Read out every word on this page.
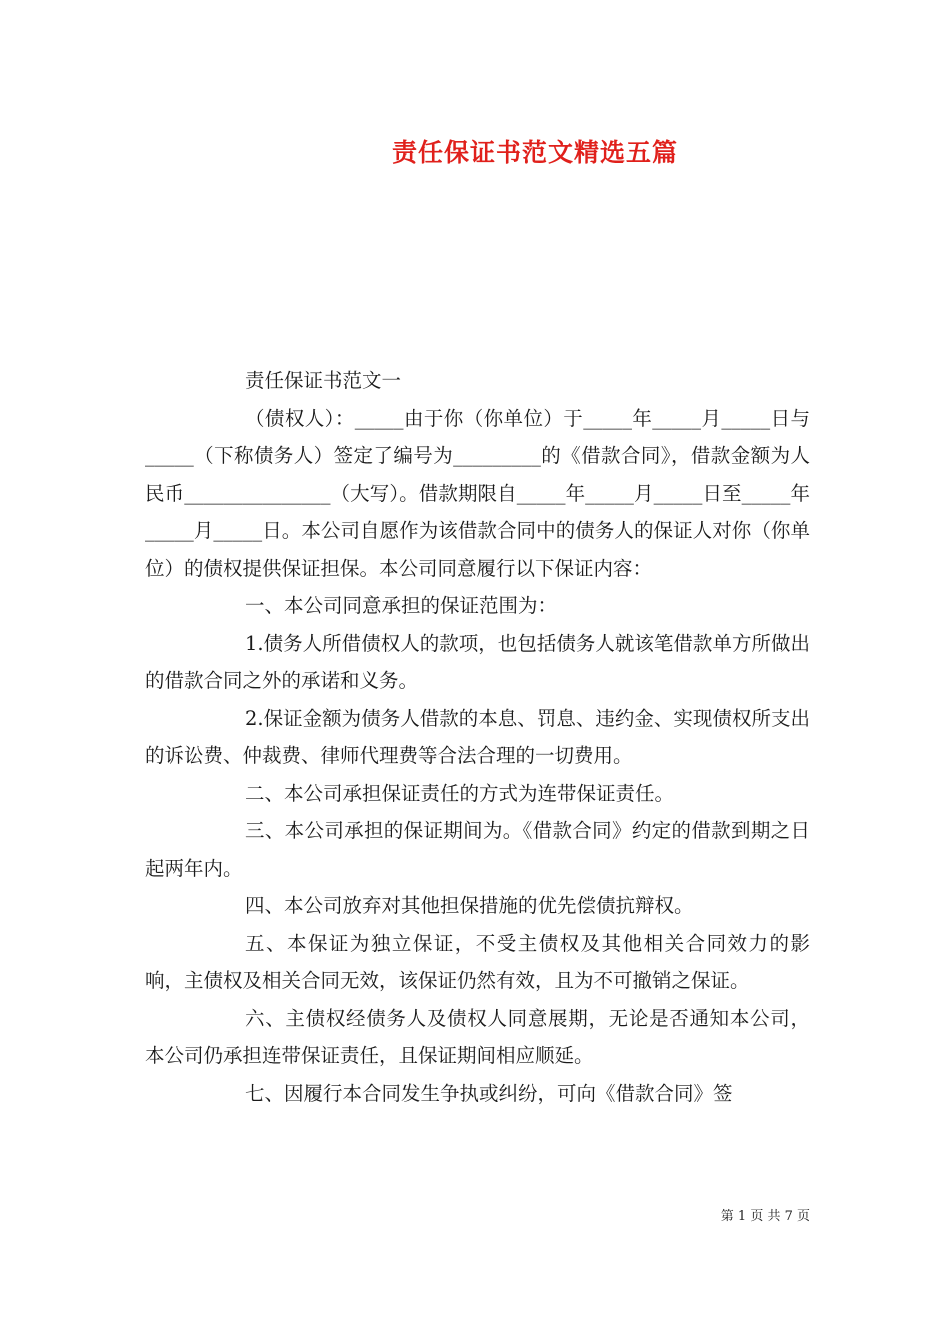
责任保证书范文精选五篇

责任保证书范文一

（债权人）：_____由于你（你单位）于_____年_____月_____日与_____（下称债务人）签定了编号为_________的《借款合同》，借款金额为人民币_______________（大写）。借款期限自_____年_____月_____日至_____年_____月_____日。本公司自愿作为该借款合同中的债务人的保证人对你（你单位）的债权提供保证担保。本公司同意履行以下保证内容：

一、本公司同意承担的保证范围为：

1.债务人所借债权人的款项，也包括债务人就该笔借款单方所做出的借款合同之外的承诺和义务。

2.保证金额为债务人借款的本息、罚息、违约金、实现债权所支出的诉讼费、仲裁费、律师代理费等合法合理的一切费用。

二、本公司承担保证责任的方式为连带保证责任。

三、本公司承担的保证期间为。《借款合同》约定的借款到期之日起两年内。

四、本公司放弃对其他担保措施的优先偿债抗辩权。

五、本保证为独立保证，不受主债权及其他相关合同效力的影响，主债权及相关合同无效，该保证仍然有效，且为不可撤销之保证。

六、主债权经债务人及债权人同意展期，无论是否通知本公司，本公司仍承担连带保证责任，且保证期间相应顺延。

七、因履行本合同发生争执或纠纷，可向《借款合同》签

第 1 页 共 7 页
